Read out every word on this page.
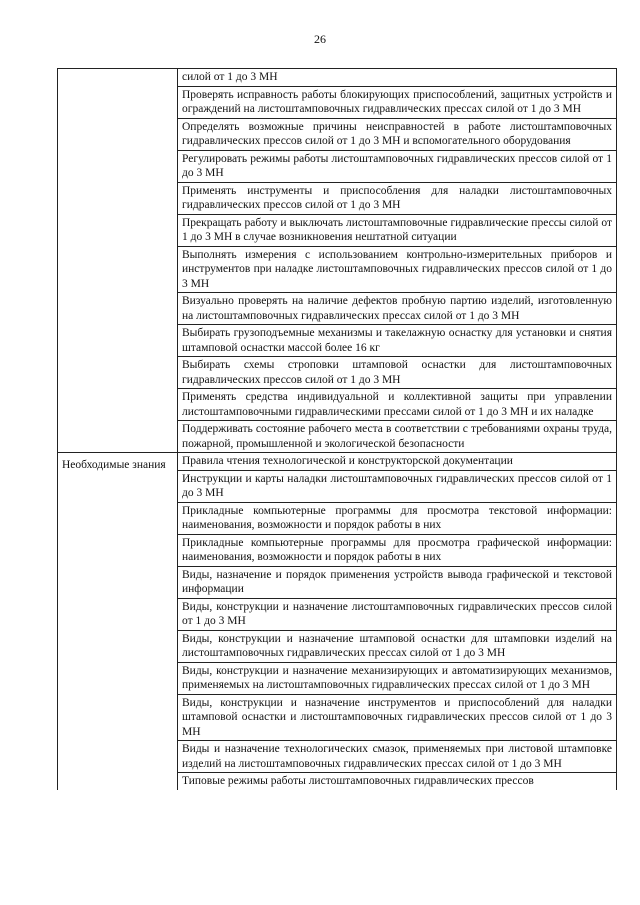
26
силой от 1 до 3 МН
Проверять исправность работы блокирующих приспособлений, защитных устройств и ограждений на листоштамповочных гидравлических прессах силой от 1 до 3 МН
Определять возможные причины неисправностей в работе листоштамповочных гидравлических прессов силой от 1 до 3 МН и вспомогательного оборудования
Регулировать режимы работы листоштамповочных гидравлических прессов силой от 1 до 3 МН
Применять инструменты и приспособления для наладки листоштамповочных гидравлических прессов силой от 1 до 3 МН
Прекращать работу и выключать листоштамповочные гидравлические прессы силой от 1 до 3 МН в случае возникновения нештатной ситуации
Выполнять измерения с использованием контрольно-измерительных приборов и инструментов при наладке листоштамповочных гидравлических прессов силой от 1 до 3 МН
Визуально проверять на наличие дефектов пробную партию изделий, изготовленную на листоштамповочных гидравлических прессах силой от 1 до 3 МН
Выбирать грузоподъемные механизмы и такелажную оснастку для установки и снятия штамповой оснастки массой более 16 кг
Выбирать схемы строповки штамповой оснастки для листоштамповочных гидравлических прессов силой от 1 до 3 МН
Применять средства индивидуальной и коллективной защиты при управлении листоштамповочными гидравлическими прессами силой от 1 до 3 МН и их наладке
Поддерживать состояние рабочего места в соответствии с требованиями охраны труда, пожарной, промышленной и экологической безопасности
Необходимые знания	Правила чтения технологической и конструкторской документации
Инструкции и карты наладки листоштамповочных гидравлических прессов силой от 1 до 3 МН
Прикладные компьютерные программы для просмотра текстовой информации: наименования, возможности и порядок работы в них
Прикладные компьютерные программы для просмотра графической информации: наименования, возможности и порядок работы в них
Виды, назначение и порядок применения устройств вывода графической и текстовой информации
Виды, конструкции и назначение листоштамповочных гидравлических прессов силой от 1 до 3 МН
Виды, конструкции и назначение штамповой оснастки для штамповки изделий на листоштамповочных гидравлических прессах силой от 1 до 3 МН
Виды, конструкции и назначение механизирующих и автоматизирующих механизмов, применяемых на листоштамповочных гидравлических прессах силой от 1 до 3 МН
Виды, конструкции и назначение инструментов и приспособлений для наладки штамповой оснастки и листоштамповочных гидравлических прессов силой от 1 до 3 МН
Виды и назначение технологических смазок, применяемых при листовой штамповке изделий на листоштамповочных гидравлических прессах силой от 1 до 3 МН
Типовые режимы работы листоштамповочных гидравлических прессов
